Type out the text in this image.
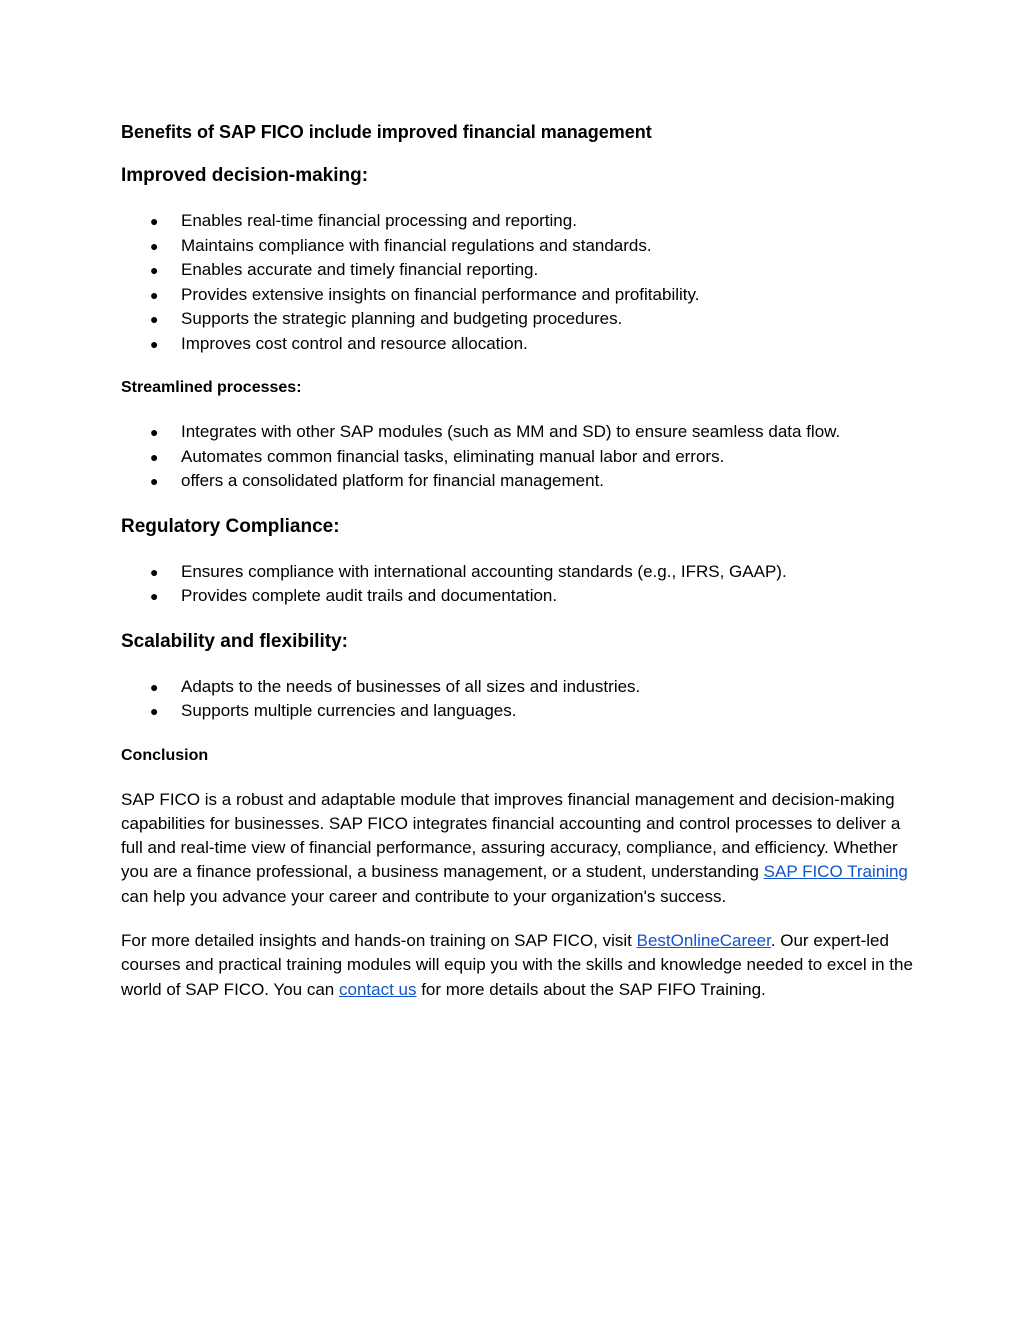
Benefits of SAP FICO include improved financial management
Improved decision-making:
● Enables real-time financial processing and reporting.
● Maintains compliance with financial regulations and standards.
● Enables accurate and timely financial reporting.
● Provides extensive insights on financial performance and profitability.
● Supports the strategic planning and budgeting procedures.
● Improves cost control and resource allocation.
Streamlined processes:
● Integrates with other SAP modules (such as MM and SD) to ensure seamless data flow.
● Automates common financial tasks, eliminating manual labor and errors.
● offers a consolidated platform for financial management.
Regulatory Compliance:
● Ensures compliance with international accounting standards (e.g., IFRS, GAAP).
● Provides complete audit trails and documentation.
Scalability and flexibility:
● Adapts to the needs of businesses of all sizes and industries.
● Supports multiple currencies and languages.
Conclusion

SAP FICO is a robust and adaptable module that improves financial management and decision-making capabilities for businesses. SAP FICO integrates financial accounting and control processes to deliver a full and real-time view of financial performance, assuring accuracy, compliance, and efficiency. Whether you are a finance professional, a business management, or a student, understanding SAP FICO Training can help you advance your career and contribute to your organization's success.

For more detailed insights and hands-on training on SAP FICO, visit BestOnlineCareer. Our expert-led courses and practical training modules will equip you with the skills and knowledge needed to excel in the world of SAP FICO. You can contact us for more details about the SAP FIFO Training.
